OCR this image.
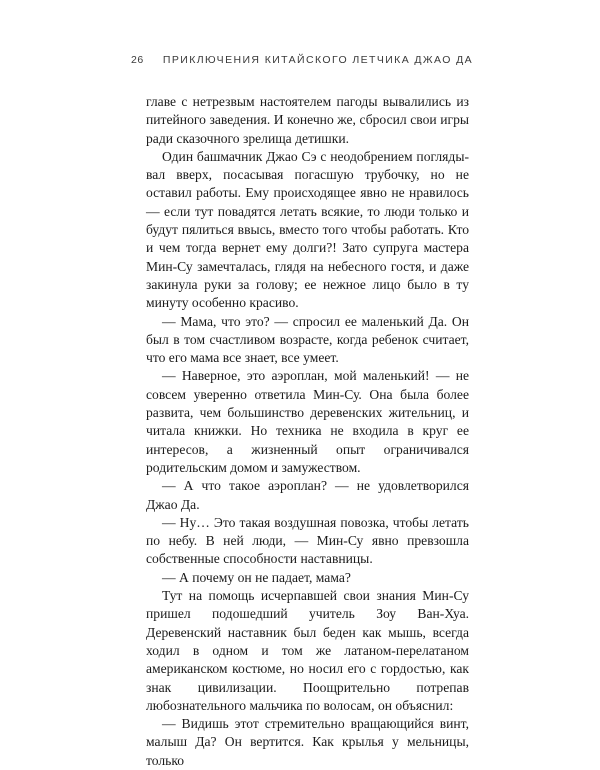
26 ПРИКЛЮЧЕНИЯ КИТАЙСКОГО ЛЕТЧИКА ДЖАО ДА

главе с нетрезвым настоятелем пагоды вывалились из питейного заведения. И конечно же, сбросил свои игры ради сказочного зрелища детишки.

Один башмачник Джао Сэ с неодобрением поглядывал вверх, посасывая погасшую трубочку, но не оставил работы. Ему происходящее явно не нравилось — если тут повадятся летать всякие, то люди только и будут пялиться ввысь, вместо того чтобы работать. Кто и чем тогда вернет ему долги?! Зато супруга мастера Мин-Су замечталась, глядя на небесного гостя, и даже закинула руки за голову; ее нежное лицо было в ту минуту особенно красиво.

— Мама, что это? — спросил ее маленький Да. Он был в том счастливом возрасте, когда ребенок считает, что его мама все знает, все умеет.

— Наверное, это аэроплан, мой маленький! — не совсем уверенно ответила Мин-Су. Она была более развита, чем большинство деревенских жительниц, и читала книжки. Но техника не входила в круг ее интересов, а жизненный опыт ограничивался родительским домом и замужеством.

— А что такое аэроплан? — не удовлетворился Джао Да.

— Ну… Это такая воздушная повозка, чтобы летать по небу. В ней люди, — Мин-Су явно превзошла собственные способности наставницы.

— А почему он не падает, мама?

Тут на помощь исчерпавшей свои знания Мин-Су пришел подошедший учитель Зоу Ван-Хуа. Деревенский наставник был беден как мышь, всегда ходил в одном и том же латаном-перелатаном американском костюме, но носил его с гордостью, как знак цивилизации. Поощрительно потрепав любознательного мальчика по волосам, он объяснил:

— Видишь этот стремительно вращающийся винт, малыш Да? Он вертится. Как крылья у мельницы, только
